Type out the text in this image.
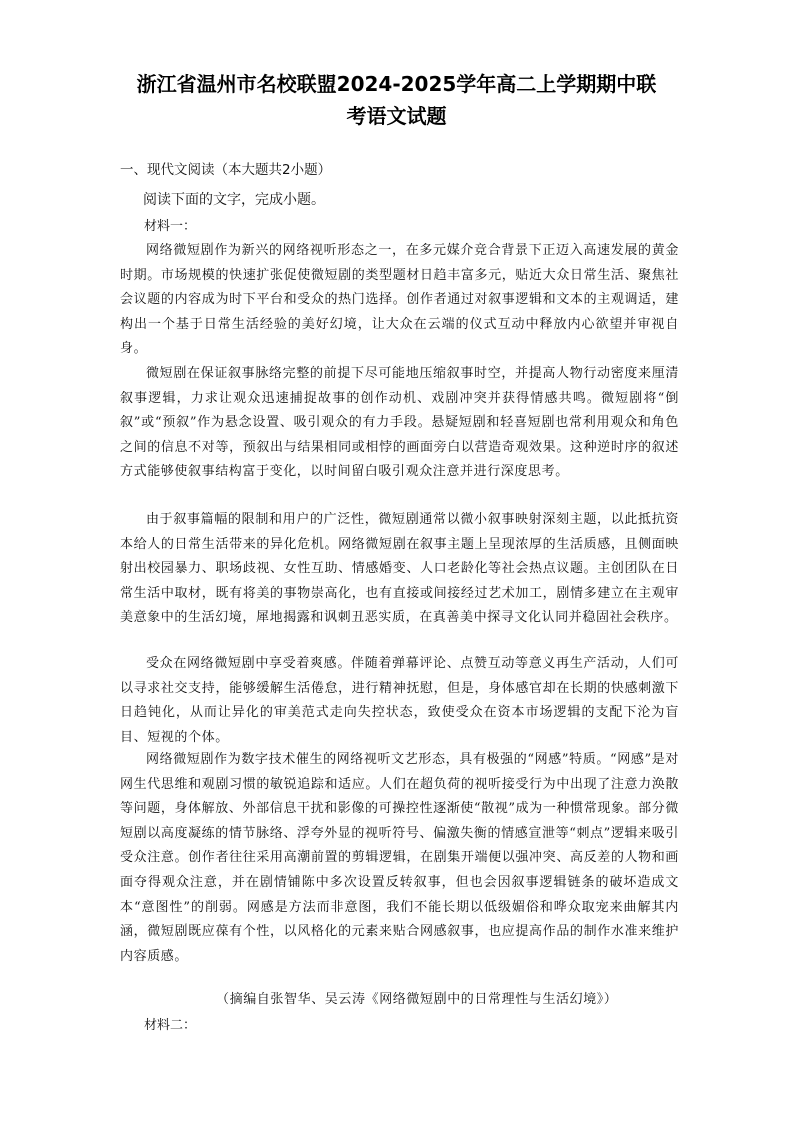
浙江省温州市名校联盟2024-2025学年高二上学期期中联
考语文试题

一、现代文阅读（本大题共2小题）

阅读下面的文字，完成小题。

材料一：

网络微短剧作为新兴的网络视听形态之一，在多元媒介竞合背景下正迈入高速发展的黄金时期。市场规模的快速扩张促使微短剧的类型题材日趋丰富多元，贴近大众日常生活、聚焦社会议题的内容成为时下平台和受众的热门选择。创作者通过对叙事逻辑和文本的主观调适，建构出一个基于日常生活经验的美好幻境，让大众在云端的仪式互动中释放内心欲望并审视自身。

微短剧在保证叙事脉络完整的前提下尽可能地压缩叙事时空，并提高人物行动密度来厘清叙事逻辑，力求让观众迅速捕捉故事的创作动机、戏剧冲突并获得情感共鸣。微短剧将“倒叙”或“预叙”作为悬念设置、吸引观众的有力手段。悬疑短剧和轻喜短剧也常利用观众和角色之间的信息不对等，预叙出与结果相同或相悖的画面旁白以营造奇观效果。这种逆时序的叙述方式能够使叙事结构富于变化，以时间留白吸引观众注意并进行深度思考。

由于叙事篇幅的限制和用户的广泛性，微短剧通常以微小叙事映射深刻主题，以此抵抗资本给人的日常生活带来的异化危机。网络微短剧在叙事主题上呈现浓厚的生活质感，且侧面映射出校园暴力、职场歧视、女性互助、情感婚变、人口老龄化等社会热点议题。主创团队在日常生活中取材，既有将美的事物崇高化，也有直接或间接经过艺术加工，剧情多建立在主观审美意象中的生活幻境，犀地揭露和讽刺丑恶实质，在真善美中探寻文化认同并稳固社会秩序。

受众在网络微短剧中享受着爽感。伴随着弹幕评论、点赞互动等意义再生产活动，人们可以寻求社交支持，能够缓解生活倦怠，进行精神抚慰，但是，身体感官却在长期的快感刺激下日趋钝化，从而让异化的审美范式走向失控状态，致使受众在资本市场逻辑的支配下沦为盲目、短视的个体。

网络微短剧作为数字技术催生的网络视听文艺形态，具有极强的“网感”特质。“网感”是对网生代思维和观剧习惯的敏锐追踪和适应。人们在超负荷的视听接受行为中出现了注意力涣散等问题，身体解放、外部信息干扰和影像的可操控性逐渐使“散视”成为一种惯常现象。部分微短剧以高度凝练的情节脉络、浮夸外显的视听符号、偏激失衡的情感宣泄等“刺点”逻辑来吸引受众注意。创作者往往采用高潮前置的剪辑逻辑，在剧集开端便以强冲突、高反差的人物和画面夺得观众注意，并在剧情铺陈中多次设置反转叙事，但也会因叙事逻辑链条的破坏造成文本“意图性”的削弱。网感是方法而非意图，我们不能长期以低级媚俗和哗众取宠来曲解其内涵，微短剧既应葆有个性，以风格化的元素来贴合网感叙事，也应提高作品的制作水准来维护内容质感。

（摘编自张智华、吴云涛《网络微短剧中的日常理性与生活幻境》）

材料二：
